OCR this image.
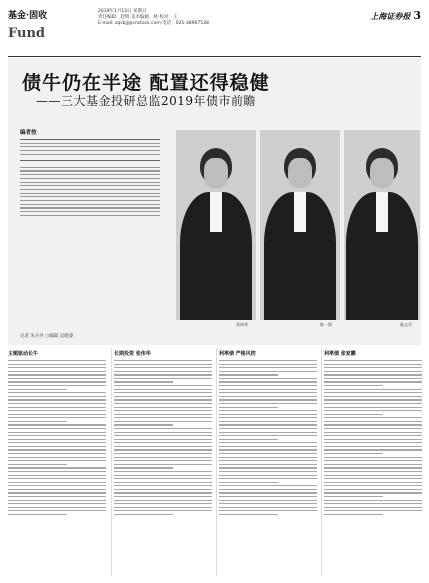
基金·固收
Fund
2019年1月13日 星期日
责任编辑：赵明 美术编辑：林 校对：王
E-mail: zqsbjj@cnstock.com 电话：021-38967538
上海证券报 3
债牛仍在半途 配置还得稳健
——三大基金投研总监2019年债市前瞻
编者按
张伟华	陈一铭	陆文学
记者 朱方丹 ○编辑 吴晓睿
主题驱动长牛	长期投资 张伟华	利率债 严格风控	利率债 张家鹏
